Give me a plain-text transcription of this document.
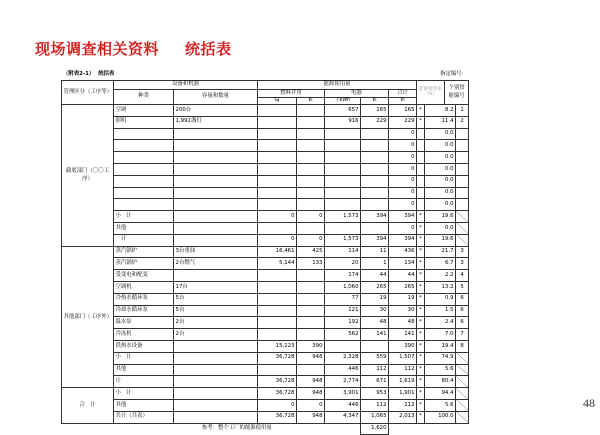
现场调查相关资料 统括表
（附表2-1） 统括表						指定编号：					
管理区分（工序等）	设备和机器		能源使用量					能源使用率（%）		个别资能编号	
	种类	容量和数量	燃料并用		电器		合计				
			GJ	kl	千kWh	kl	kl				
截底部门（〇〇工序）	空调	200台			657	165	165	*	8.2		1
	照明	1,992盏灯			916	229	229	*	11.4		2
							0		0.0		
							0		0.0		
							0		0.0		
							0		0.0		
							0		0.0		
							0		0.0		
							0		0.0		
	小　计		0	0	1,573	394	394	*	19.6		
	其他						0	*	0.0		
	　计		0	0	1,573	394	394	*	19.6		
其他部门（工序外）	蒸汽锅炉	3台重油	16,461	425	114	11	436	*	21.7		3
	蒸汽锅炉	2台燃气	5,144	133	20	1	134	*	6.7		3
	受变电和配变				174	44	44	*	2.2		4
	空调机	17台			1,060	265	265	*	13.2		5
	冷热水循环泵	5台			77	19	19	*	0.9		6
	冷却水循环泵	5台			121	30	30	*	1.5		6
	温水泵	2台			192	48	48	*	2.4		6
	冷冻机	2台			562	141	141	*	7.0		7
	供热水设备		15,123	390			390	*	19.4		8
	小　计		36,728	948	2,328	559	1,507	*	74.9		
	其他				446	112	112	*	5.6		
	计		36,728	948	2,774	671	1,619	*	80.4		
合　计	小　计		36,728	948	3,901	953	1,901	*	94.4		
	其他		0	0	446	112	112	*	5.6		
	共计（共表）		36,728	948	4,347	1,065	2,013	*	100.0		
	参考：整个工厂的能源使用量					1,620					
48
